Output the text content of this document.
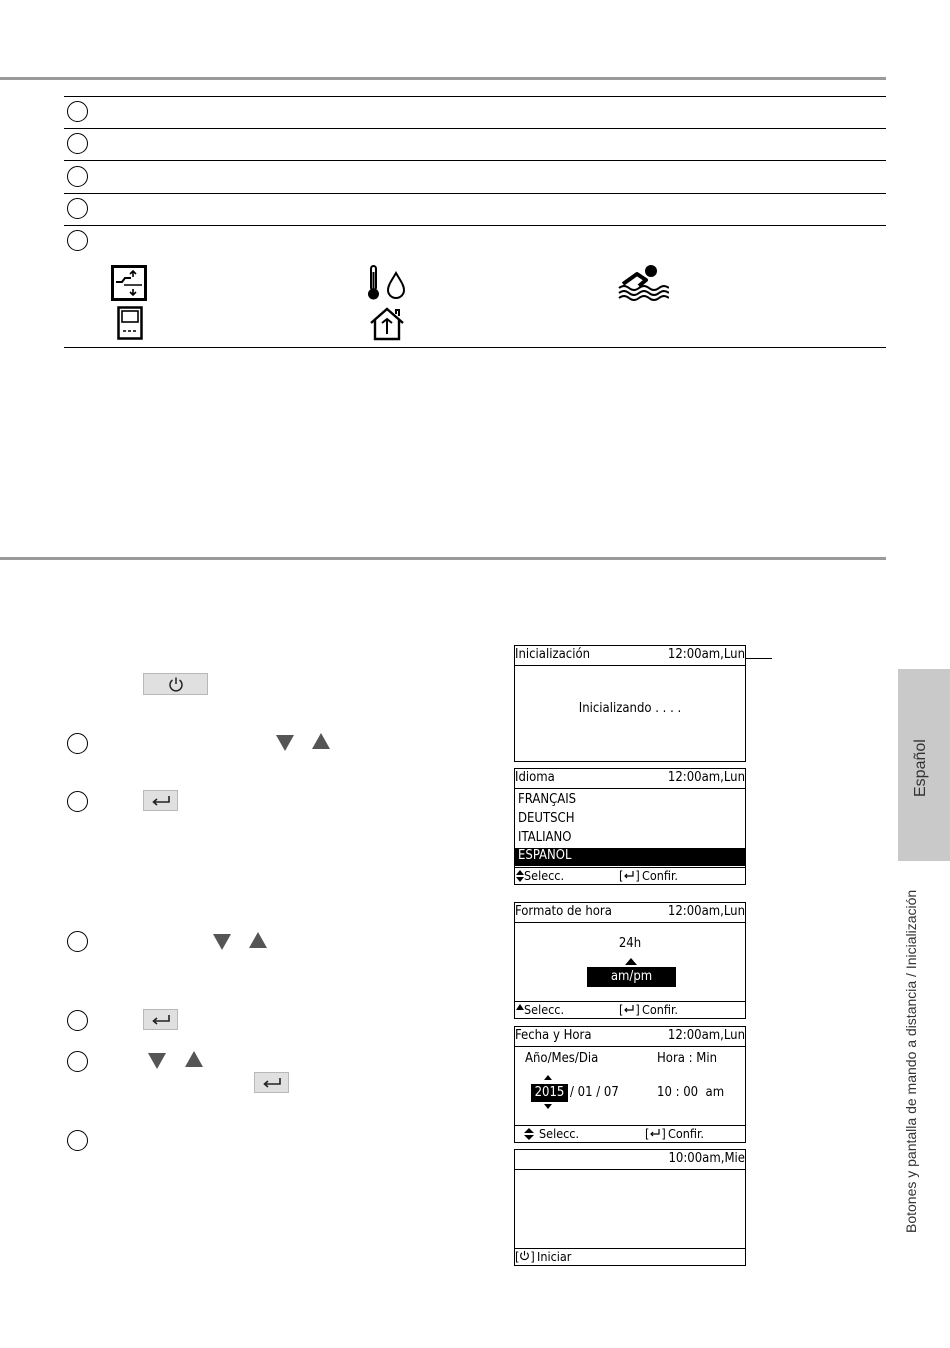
Inicialización	12:00am,Lun
Inicializando . . . .
Idioma	12:00am,Lun
FRANÇAIS
DEUTSCH
ITALIANO
ESPAÑOL
Selecc.	[ ] Confir.
Formato de hora	12:00am,Lun
24h
am/pm
Selecc.	[ ] Confir.
Fecha y Hora	12:00am,Lun
Año/Mes/Dia	Hora : Min
2015 / 01 / 07	10 : 00  am
Selecc.	[ ] Confir.
10:00am,Mie
[ ] Iniciar
Español
Botones y pantalla de mando a distancia / Inicialización
